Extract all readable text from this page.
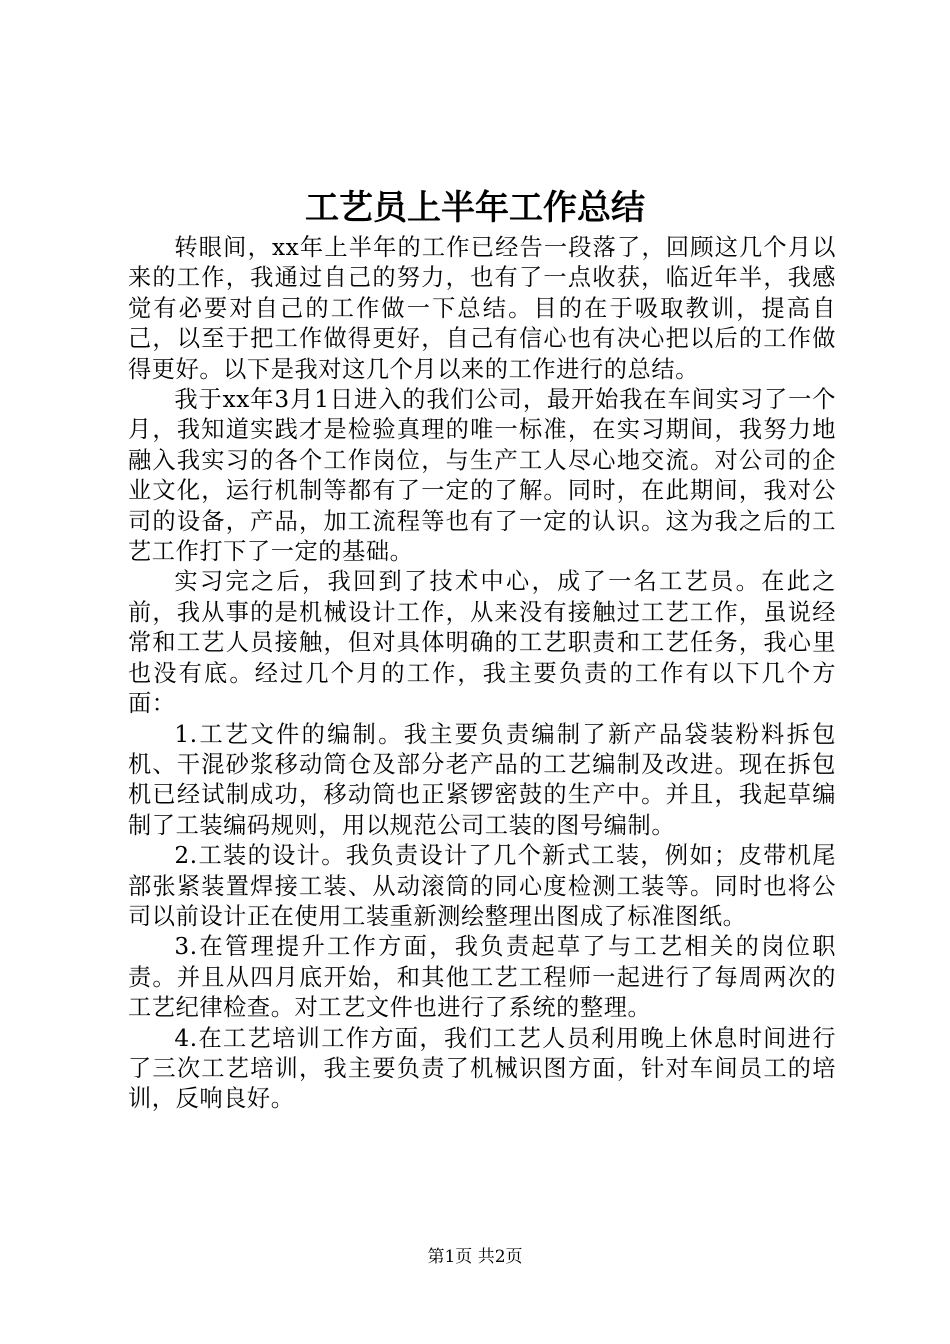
工艺员上半年工作总结

转眼间，xx年上半年的工作已经告一段落了，回顾这几个月以来的工作，我通过自己的努力，也有了一点收获，临近年半，我感觉有必要对自己的工作做一下总结。目的在于吸取教训，提高自己，以至于把工作做得更好，自己有信心也有决心把以后的工作做得更好。以下是我对这几个月以来的工作进行的总结。

我于xx年3月1日进入的我们公司，最开始我在车间实习了一个月，我知道实践才是检验真理的唯一标准，在实习期间，我努力地融入我实习的各个工作岗位，与生产工人尽心地交流。对公司的企业文化，运行机制等都有了一定的了解。同时，在此期间，我对公司的设备，产品，加工流程等也有了一定的认识。这为我之后的工艺工作打下了一定的基础。

实习完之后，我回到了技术中心，成了一名工艺员。在此之前，我从事的是机械设计工作，从来没有接触过工艺工作，虽说经常和工艺人员接触，但对具体明确的工艺职责和工艺任务，我心里也没有底。经过几个月的工作，我主要负责的工作有以下几个方面：

1.工艺文件的编制。我主要负责编制了新产品袋装粉料拆包机、干混砂浆移动筒仓及部分老产品的工艺编制及改进。现在拆包机已经试制成功，移动筒也正紧锣密鼓的生产中。并且，我起草编制了工装编码规则，用以规范公司工装的图号编制。

2.工装的设计。我负责设计了几个新式工装，例如；皮带机尾部张紧装置焊接工装、从动滚筒的同心度检测工装等。同时也将公司以前设计正在使用工装重新测绘整理出图成了标准图纸。

3.在管理提升工作方面，我负责起草了与工艺相关的岗位职责。并且从四月底开始，和其他工艺工程师一起进行了每周两次的工艺纪律检查。对工艺文件也进行了系统的整理。

4.在工艺培训工作方面，我们工艺人员利用晚上休息时间进行了三次工艺培训，我主要负责了机械识图方面，针对车间员工的培训，反响良好。

第1页 共2页
